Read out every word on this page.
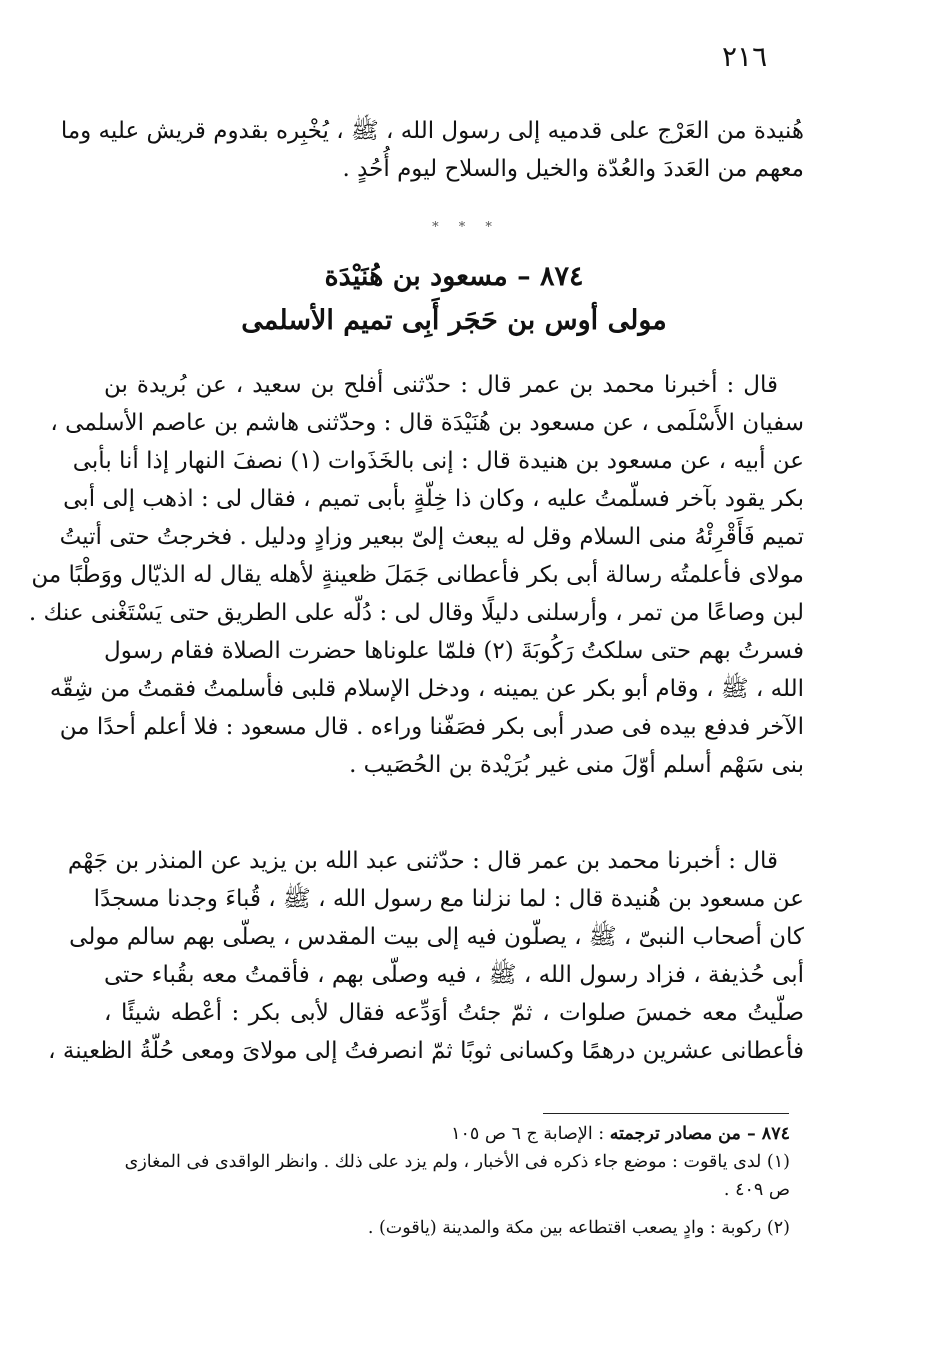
٢١٦
هُنيدة من العَرْج على قدميه إلى رسول الله ، ﷺ ، يُخْبِره بقدوم قريش عليه وما
معهم من العَددَ والعُدّة والخيل والسلاح ليوم أُحُدٍ .
* * *
٨٧٤ – مسعود بن هُنَيْدَة
مولى أوس بن حَجَر أَبِى تميم الأسلمى
قال : أخبرنا محمد بن عمر قال : حدّثنى أفلح بن سعيد ، عن بُريدة بن
سفيان الأَسْلَمى ، عن مسعود بن هُنَيْدَة قال : وحدّثنى هاشم بن عاصم الأسلمى ،
عن أبيه ، عن مسعود بن هنيدة قال : إنى بالخَذَوات (١) نصفَ النهار إذا أنا بأبى
بكر يقود بآخر فسلّمتُ عليه ، وكان ذا خِلّةٍ بأبى تميم ، فقال لى : اذهب إلى أبى
تميم فَأَقْرِئْهُ منى السلام وقل له يبعث إلىّ ببعير وزادٍ ودليل . فخرجتُ حتى أتيتُ
مولاى فأعلمتُه رسالة أبى بكر فأعطانى جَمَلَ ظعينةٍ لأهله يقال له الذيّال ووَطْبًا من
لبن وصاعًا من تمر ، وأرسلنى دليلًا وقال لى : دُلّه على الطريق حتى يَسْتَغْنى عنك .
فسرتُ بهم حتى سلكتُ رَكُوبَةَ (٢) فلمّا علوناها حضرت الصلاة فقام رسول
الله ، ﷺ ، وقام أبو بكر عن يمينه ، ودخل الإسلام قلبى فأسلمتُ فقمتُ من شِقّه
الآخر فدفع بيده فى صدر أبى بكر فصَفّنا وراءه . قال مسعود : فلا أعلم أحدًا من
بنى سَهْم أسلم أوّلَ منى غير بُرَيْدة بن الحُصَيب .
قال : أخبرنا محمد بن عمر قال : حدّثنى عبد الله بن يزيد عن المنذر بن جَهْم
عن مسعود بن هُنيدة قال : لما نزلنا مع رسول الله ، ﷺ ، قُباءَ وجدنا مسجدًا
كان أصحاب النبىّ ، ﷺ ، يصلّون فيه إلى بيت المقدس ، يصلّى بهم سالم مولى
أبى حُذيفة ، فزاد رسول الله ، ﷺ ، فيه وصلّى بهم ، فأقمتُ معه بقُباء حتى
صلّيتُ معه خمسَ صلوات ، ثمّ جئتُ أوَدِّعه فقال لأبى بكر : أعْطه شيئًا ،
فأعطانى عشرين درهمًا وكسانى ثوبًا ثمّ انصرفتُ إلى مولاىَ ومعى حُلّةُ الظعينة ،
٨٧٤ – من مصادر ترجمته : الإصابة ج ٦ ص ١٠٥
(١) لدى ياقوت : موضع جاء ذكره فى الأخبار ، ولم يزد على ذلك . وانظر الواقدى فى المغازى
ص ٤٠٩ .
(٢) ركوبة : وادٍ يصعب اقتطاعه بين مكة والمدينة (ياقوت) .
